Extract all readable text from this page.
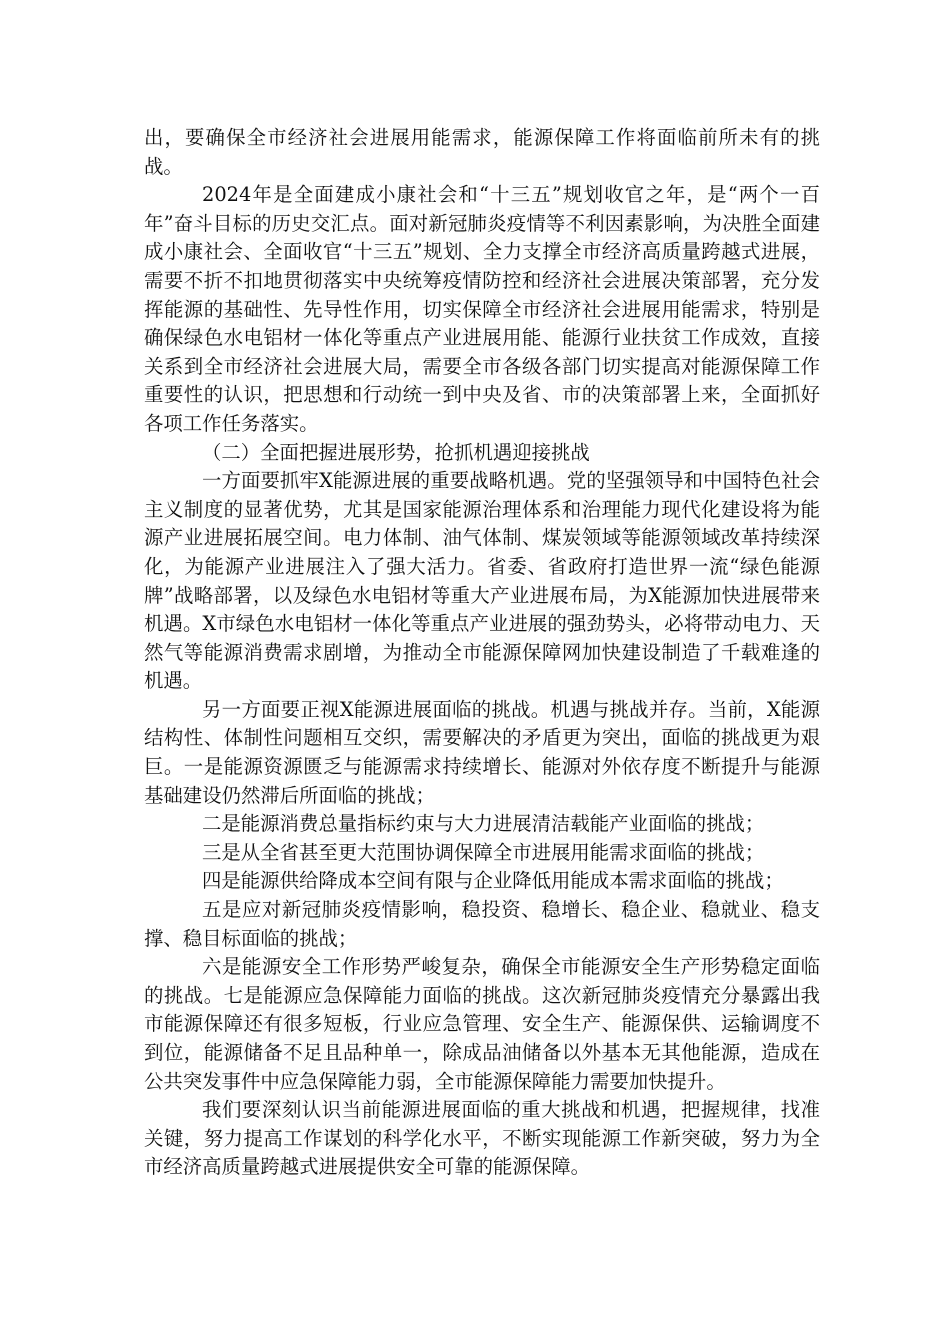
出，要确保全市经济社会进展用能需求，能源保障工作将面临前所未有的挑战。

2024年是全面建成小康社会和“十三五”规划收官之年，是“两个一百年”奋斗目标的历史交汇点。面对新冠肺炎疫情等不利因素影响，为决胜全面建成小康社会、全面收官“十三五”规划、全力支撑全市经济高质量跨越式进展，需要不折不扣地贯彻落实中央统筹疫情防控和经济社会进展决策部署，充分发挥能源的基础性、先导性作用，切实保障全市经济社会进展用能需求，特别是确保绿色水电铝材一体化等重点产业进展用能、能源行业扶贫工作成效，直接关系到全市经济社会进展大局，需要全市各级各部门切实提高对能源保障工作重要性的认识，把思想和行动统一到中央及省、市的决策部署上来，全面抓好各项工作任务落实。

（二）全面把握进展形势，抢抓机遇迎接挑战

一方面要抓牢X能源进展的重要战略机遇。党的坚强领导和中国特色社会主义制度的显著优势，尤其是国家能源治理体系和治理能力现代化建设将为能源产业进展拓展空间。电力体制、油气体制、煤炭领域等能源领域改革持续深化，为能源产业进展注入了强大活力。省委、省政府打造世界一流“绿色能源牌”战略部署，以及绿色水电铝材等重大产业进展布局，为X能源加快进展带来机遇。X市绿色水电铝材一体化等重点产业进展的强劲势头，必将带动电力、天然气等能源消费需求剧增，为推动全市能源保障网加快建设制造了千载难逢的机遇。

另一方面要正视X能源进展面临的挑战。机遇与挑战并存。当前，X能源结构性、体制性问题相互交织，需要解决的矛盾更为突出，面临的挑战更为艰巨。一是能源资源匮乏与能源需求持续增长、能源对外依存度不断提升与能源基础建设仍然滞后所面临的挑战；

二是能源消费总量指标约束与大力进展清洁载能产业面临的挑战；

三是从全省甚至更大范围协调保障全市进展用能需求面临的挑战；

四是能源供给降成本空间有限与企业降低用能成本需求面临的挑战；

五是应对新冠肺炎疫情影响，稳投资、稳增长、稳企业、稳就业、稳支撑、稳目标面临的挑战；

六是能源安全工作形势严峻复杂，确保全市能源安全生产形势稳定面临的挑战。七是能源应急保障能力面临的挑战。这次新冠肺炎疫情充分暴露出我市能源保障还有很多短板，行业应急管理、安全生产、能源保供、运输调度不到位，能源储备不足且品种单一，除成品油储备以外基本无其他能源，造成在公共突发事件中应急保障能力弱，全市能源保障能力需要加快提升。

我们要深刻认识当前能源进展面临的重大挑战和机遇，把握规律，找准关键，努力提高工作谋划的科学化水平，不断实现能源工作新突破，努力为全市经济高质量跨越式进展提供安全可靠的能源保障。
